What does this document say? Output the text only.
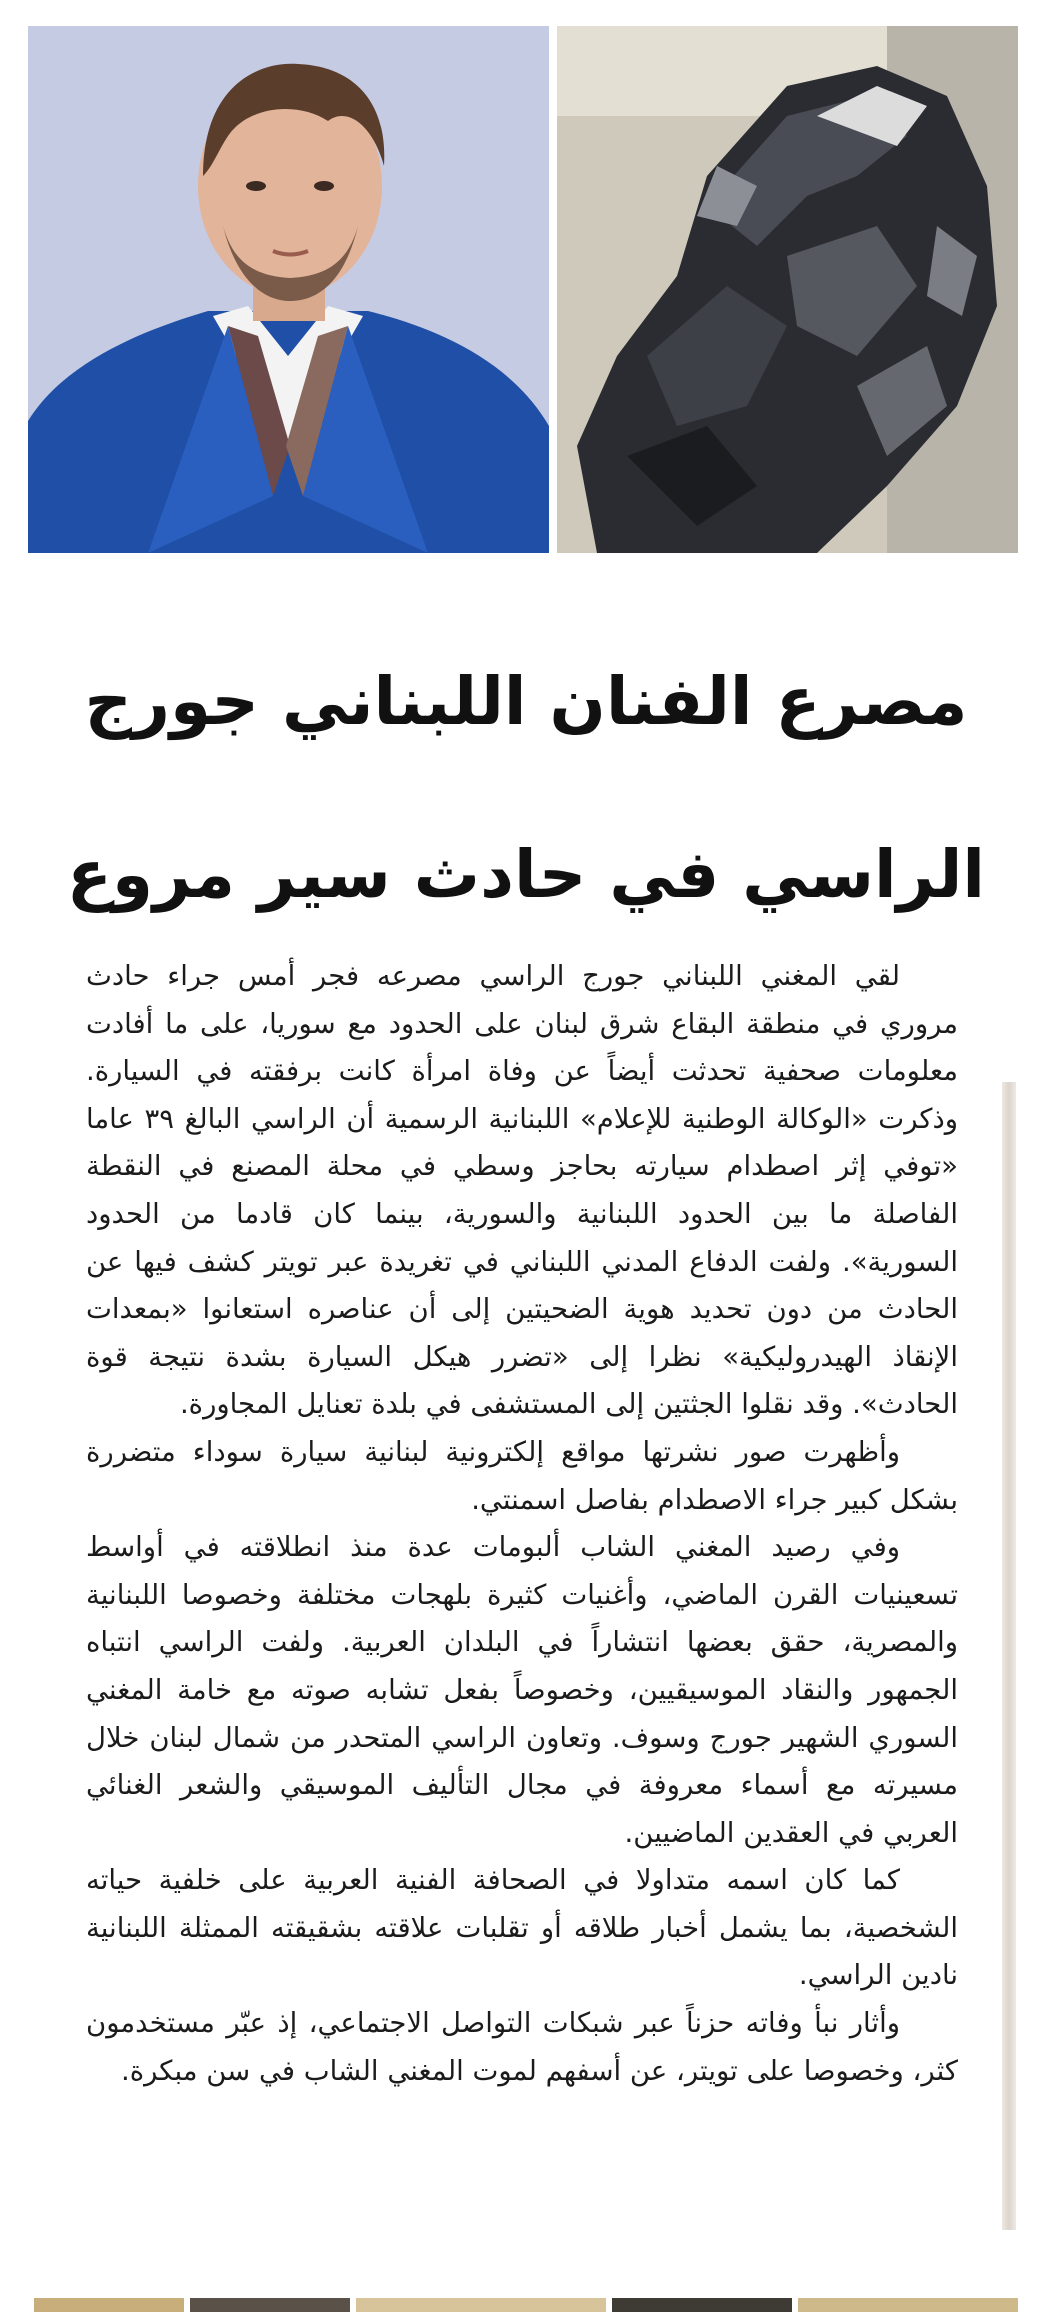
مصرع الفنان اللبناني جورج
الراسي في حادث سير مروع

لقي المغني اللبناني جورج الراسي مصرعه فجر أمس جراء حادث مروري في منطقة البقاع شرق لبنان على الحدود مع سوريا، على ما أفادت معلومات صحفية تحدثت أيضاً عن وفاة امرأة كانت برفقته في السيارة. وذكرت «الوكالة الوطنية للإعلام» اللبنانية الرسمية أن الراسي البالغ ٣٩ عاما «توفي إثر اصطدام سيارته بحاجز وسطي في محلة المصنع في النقطة الفاصلة ما بين الحدود اللبنانية والسورية، بينما كان قادما من الحدود السورية». ولفت الدفاع المدني اللبناني في تغريدة عبر تويتر كشف فيها عن الحادث من دون تحديد هوية الضحيتين إلى أن عناصره استعانوا «بمعدات الإنقاذ الهيدروليكية» نظرا إلى «تضرر هيكل السيارة بشدة نتيجة قوة الحادث». وقد نقلوا الجثتين إلى المستشفى في بلدة تعنايل المجاورة.

وأظهرت صور نشرتها مواقع إلكترونية لبنانية سيارة سوداء متضررة بشكل كبير جراء الاصطدام بفاصل اسمنتي.

وفي رصيد المغني الشاب ألبومات عدة منذ انطلاقته في أواسط تسعينيات القرن الماضي، وأغنيات كثيرة بلهجات مختلفة وخصوصا اللبنانية والمصرية، حقق بعضها انتشاراً في البلدان العربية. ولفت الراسي انتباه الجمهور والنقاد الموسيقيين، وخصوصاً بفعل تشابه صوته مع خامة المغني السوري الشهير جورج وسوف. وتعاون الراسي المتحدر من شمال لبنان خلال مسيرته مع أسماء معروفة في مجال التأليف الموسيقي والشعر الغنائي العربي في العقدين الماضيين.

كما كان اسمه متداولا في الصحافة الفنية العربية على خلفية حياته الشخصية، بما يشمل أخبار طلاقه أو تقلبات علاقته بشقيقته الممثلة اللبنانية نادين الراسي.

وأثار نبأ وفاته حزناً عبر شبكات التواصل الاجتماعي، إذ عبّر مستخدمون كثر، وخصوصا على تويتر، عن أسفهم لموت المغني الشاب في سن مبكرة.
